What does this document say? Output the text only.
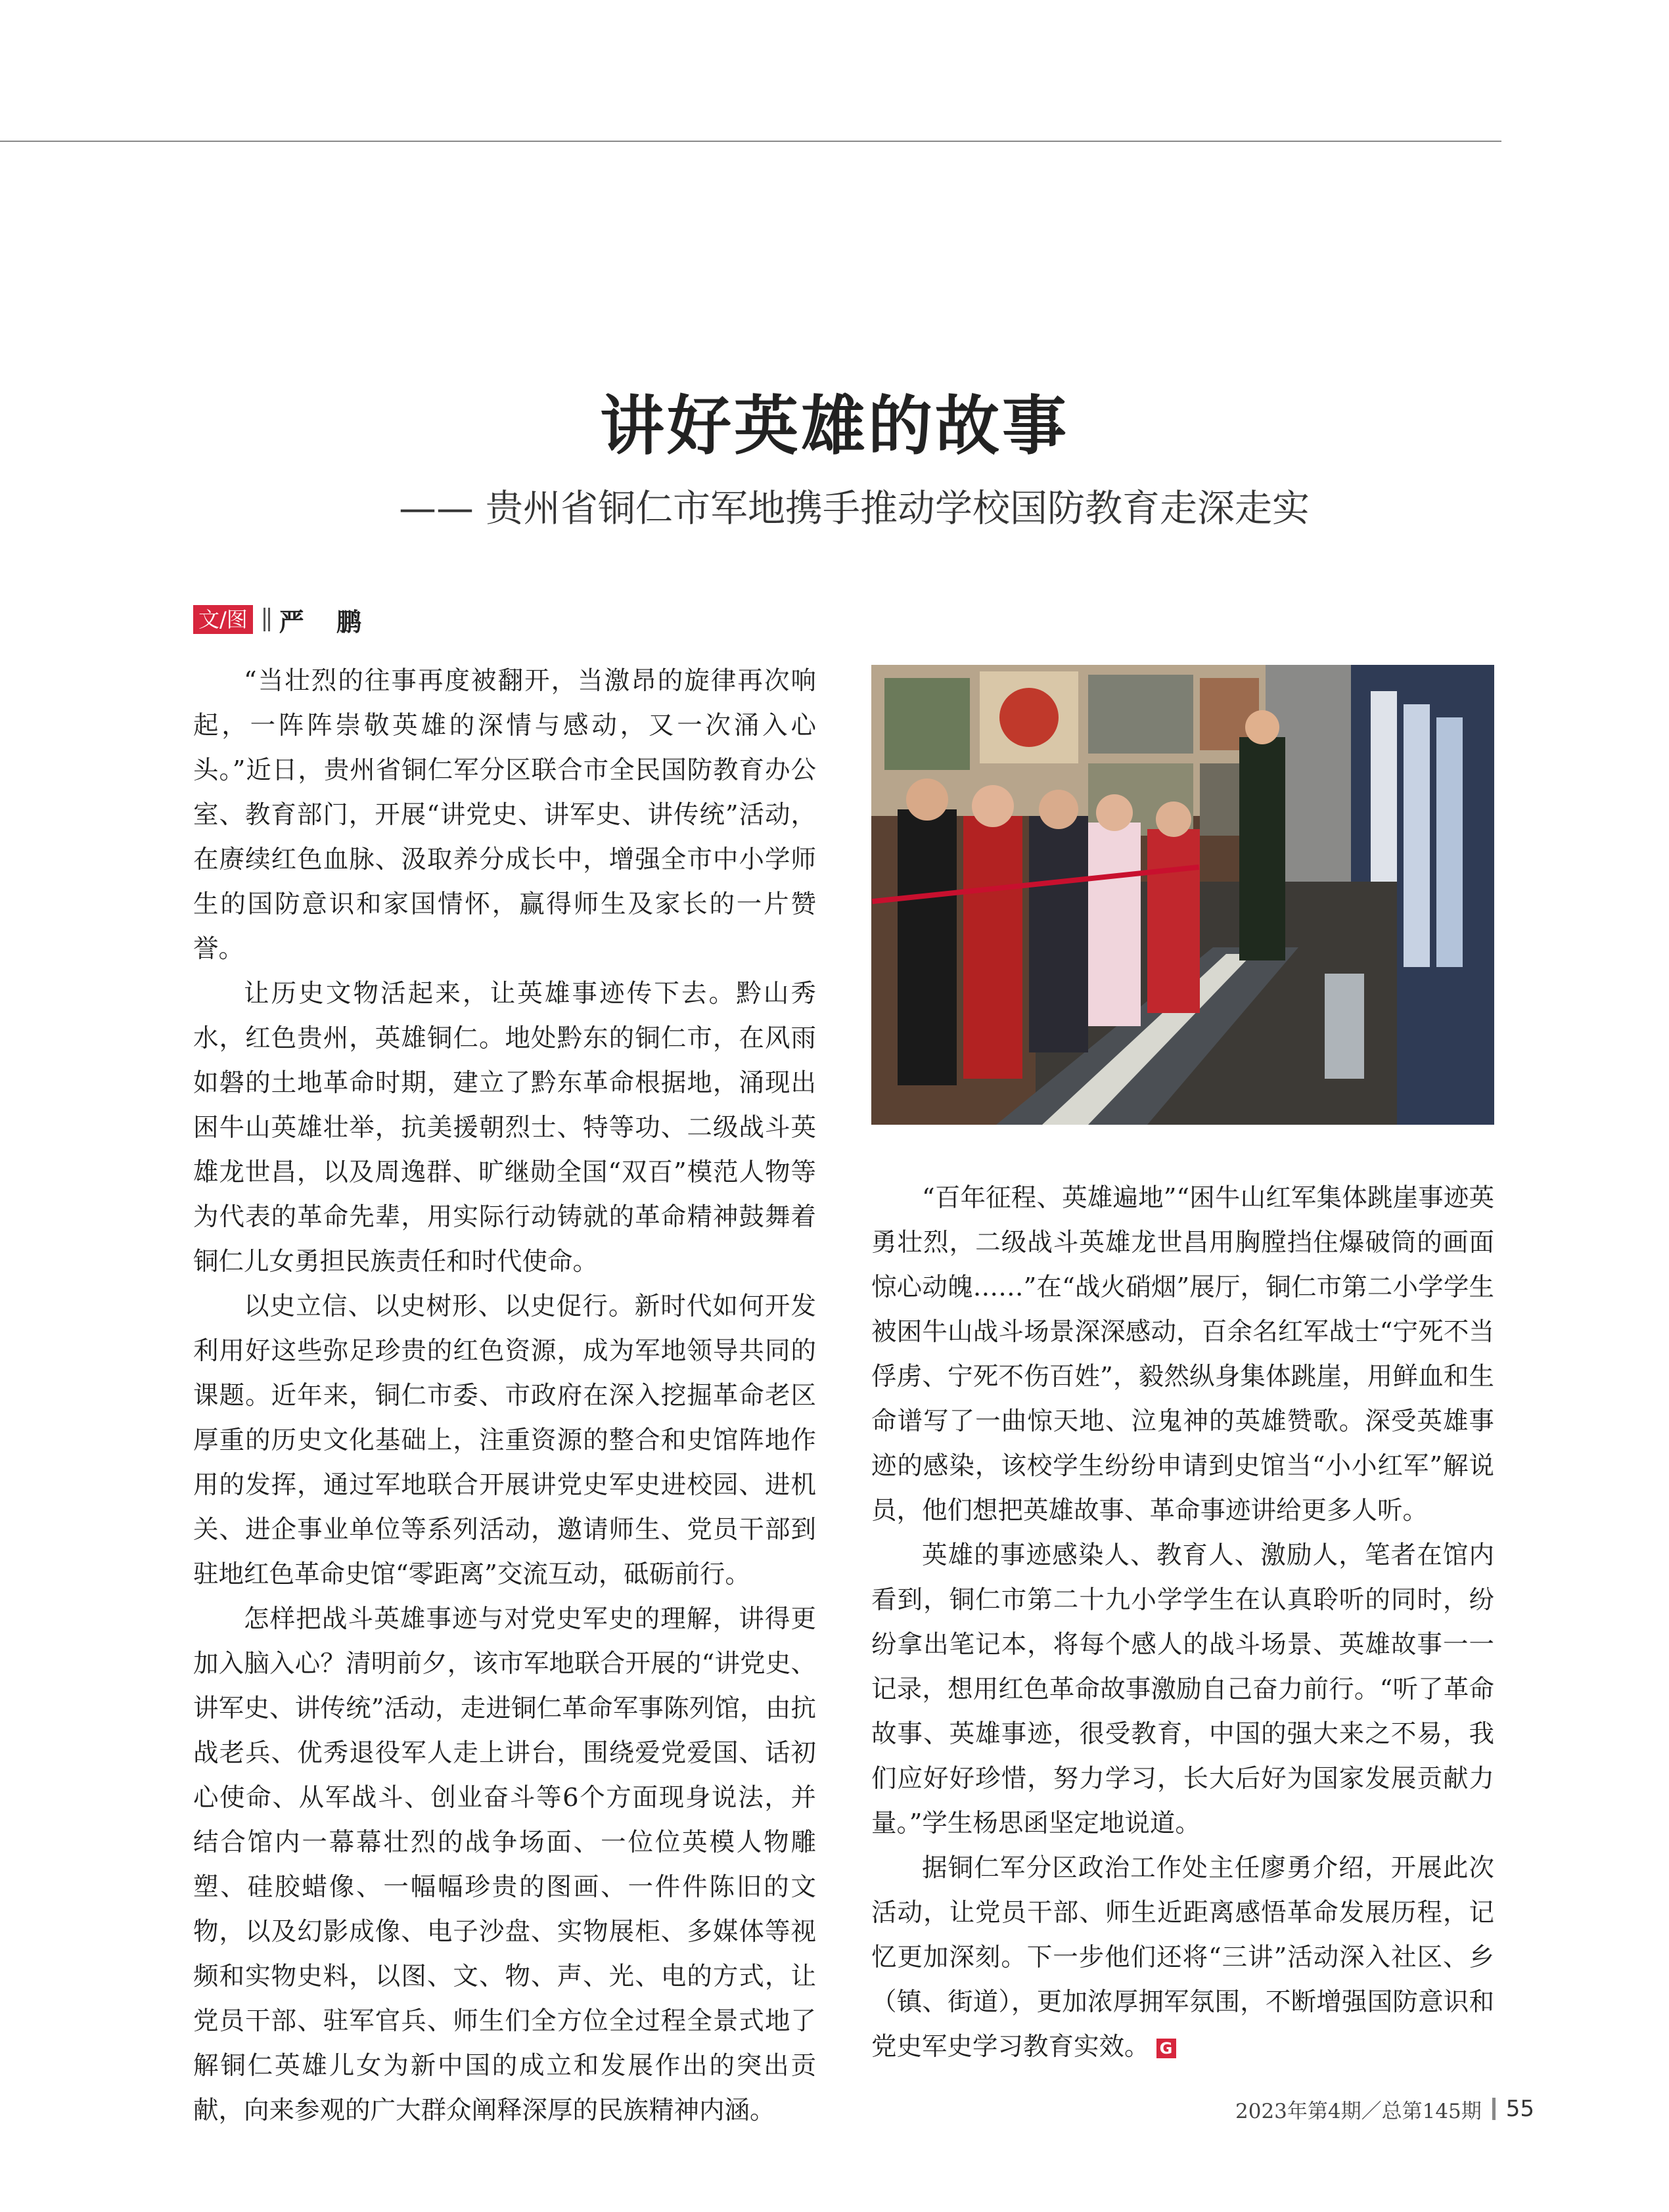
讲好英雄的故事
—— 贵州省铜仁市军地携手推动学校国防教育走深走实
文/图 严 鹏

“当壮烈的往事再度被翻开，当激昂的旋律再次响起，一阵阵崇敬英雄的深情与感动，又一次涌入心头。”近日，贵州省铜仁军分区联合市全民国防教育办公室、教育部门，开展“讲党史、讲军史、讲传统”活动，在赓续红色血脉、汲取养分成长中，增强全市中小学师生的国防意识和家国情怀，赢得师生及家长的一片赞誉。

让历史文物活起来，让英雄事迹传下去。黔山秀水，红色贵州，英雄铜仁。地处黔东的铜仁市，在风雨如磐的土地革命时期，建立了黔东革命根据地，涌现出困牛山英雄壮举，抗美援朝烈士、特等功、二级战斗英雄龙世昌，以及周逸群、旷继勋全国“双百”模范人物等为代表的革命先辈，用实际行动铸就的革命精神鼓舞着铜仁儿女勇担民族责任和时代使命。

以史立信、以史树形、以史促行。新时代如何开发利用好这些弥足珍贵的红色资源，成为军地领导共同的课题。近年来，铜仁市委、市政府在深入挖掘革命老区厚重的历史文化基础上，注重资源的整合和史馆阵地作用的发挥，通过军地联合开展讲党史军史进校园、进机关、进企事业单位等系列活动，邀请师生、党员干部到驻地红色革命史馆“零距离”交流互动，砥砺前行。

怎样把战斗英雄事迹与对党史军史的理解，讲得更加入脑入心？清明前夕，该市军地联合开展的“讲党史、讲军史、讲传统”活动，走进铜仁革命军事陈列馆，由抗战老兵、优秀退役军人走上讲台，围绕爱党爱国、话初心使命、从军战斗、创业奋斗等6个方面现身说法，并结合馆内一幕幕壮烈的战争场面、一位位英模人物雕塑、硅胶蜡像、一幅幅珍贵的图画、一件件陈旧的文物，以及幻影成像、电子沙盘、实物展柜、多媒体等视频和实物史料，以图、文、物、声、光、电的方式，让党员干部、驻军官兵、师生们全方位全过程全景式地了解铜仁英雄儿女为新中国的成立和发展作出的突出贡献，向来参观的广大群众阐释深厚的民族精神内涵。

“百年征程、英雄遍地”“困牛山红军集体跳崖事迹英勇壮烈，二级战斗英雄龙世昌用胸膛挡住爆破筒的画面惊心动魄……”在“战火硝烟”展厅，铜仁市第二小学学生被困牛山战斗场景深深感动，百余名红军战士“宁死不当俘虏、宁死不伤百姓”，毅然纵身集体跳崖，用鲜血和生命谱写了一曲惊天地、泣鬼神的英雄赞歌。深受英雄事迹的感染，该校学生纷纷申请到史馆当“小小红军”解说员，他们想把英雄故事、革命事迹讲给更多人听。

英雄的事迹感染人、教育人、激励人，笔者在馆内看到，铜仁市第二十九小学学生在认真聆听的同时，纷纷拿出笔记本，将每个感人的战斗场景、英雄故事一一记录，想用红色革命故事激励自己奋力前行。“听了革命故事、英雄事迹，很受教育，中国的强大来之不易，我们应好好珍惜，努力学习，长大后好为国家发展贡献力量。”学生杨思函坚定地说道。

据铜仁军分区政治工作处主任廖勇介绍，开展此次活动，让党员干部、师生近距离感悟革命发展历程，记忆更加深刻。下一步他们还将“三讲”活动深入社区、乡（镇、街道），更加浓厚拥军氛围，不断增强国防意识和党史军史学习教育实效。 G

2023年第4期／总第145期 55
